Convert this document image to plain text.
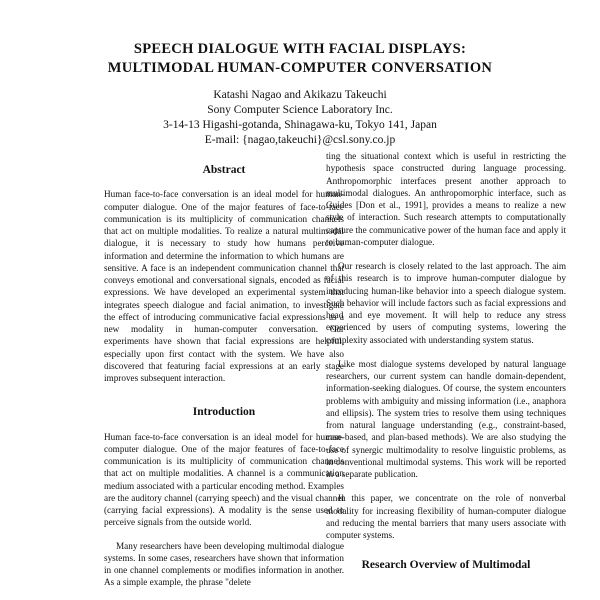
SPEECH DIALOGUE WITH FACIAL DISPLAYS:
MULTIMODAL HUMAN-COMPUTER CONVERSATION
Katashi Nagao and Akikazu Takeuchi
Sony Computer Science Laboratory Inc.
3-14-13 Higashi-gotanda, Shinagawa-ku, Tokyo 141, Japan
E-mail: {nagao,takeuchi}@csl.sony.co.jp
Abstract

Human face-to-face conversation is an ideal model for human-computer dialogue. One of the major features of face-to-face communication is its multiplicity of communication channels that act on multiple modalities. To realize a natural multimodal dialogue, it is necessary to study how humans perceive information and determine the information to which humans are sensitive. A face is an independent communication channel that conveys emotional and conversational signals, encoded as facial expressions. We have developed an experimental system that integrates speech dialogue and facial animation, to investigate the effect of introducing communicative facial expressions as a new modality in human-computer conversation. Our experiments have shown that facial expressions are helpful, especially upon first contact with the system. We have also discovered that featuring facial expressions at an early stage improves subsequent interaction.

Introduction

Human face-to-face conversation is an ideal model for human-computer dialogue. One of the major features of face-to-face communication is its multiplicity of communication channels that act on multiple modalities. A channel is a communication medium associated with a particular encoding method. Examples are the auditory channel (carrying speech) and the visual channel (carrying facial expressions). A modality is the sense used to perceive signals from the outside world.

Many researchers have been developing multimodal dialogue systems. In some cases, researchers have shown that information in one channel complements or modifies information in another. As a simple example, the phrase "delete

ting the situational context which is useful in restricting the hypothesis space constructed during language processing. Anthropomorphic interfaces present another approach to multimodal dialogues. An anthropomorphic interface, such as Guides [Don et al., 1991], provides a means to realize a new style of interaction. Such research attempts to computationally capture the communicative power of the human face and apply it to human-computer dialogue.

Our research is closely related to the last approach. The aim of this research is to improve human-computer dialogue by introducing human-like behavior into a speech dialogue system. Such behavior will include factors such as facial expressions and head and eye movement. It will help to reduce any stress experienced by users of computing systems, lowering the complexity associated with understanding system status.

Like most dialogue systems developed by natural language researchers, our current system can handle domain-dependent, information-seeking dialogues. Of course, the system encounters problems with ambiguity and missing information (i.e., anaphora and ellipsis). The system tries to resolve them using techniques from natural language understanding (e.g., constraint-based, case-based, and plan-based methods). We are also studying the use of synergic multimodality to resolve linguistic problems, as in conventional multimodal systems. This work will be reported in a separate publication.

In this paper, we concentrate on the role of nonverbal modality for increasing flexibility of human-computer dialogue and reducing the mental barriers that many users associate with computer systems.

Research Overview of Multimodal
